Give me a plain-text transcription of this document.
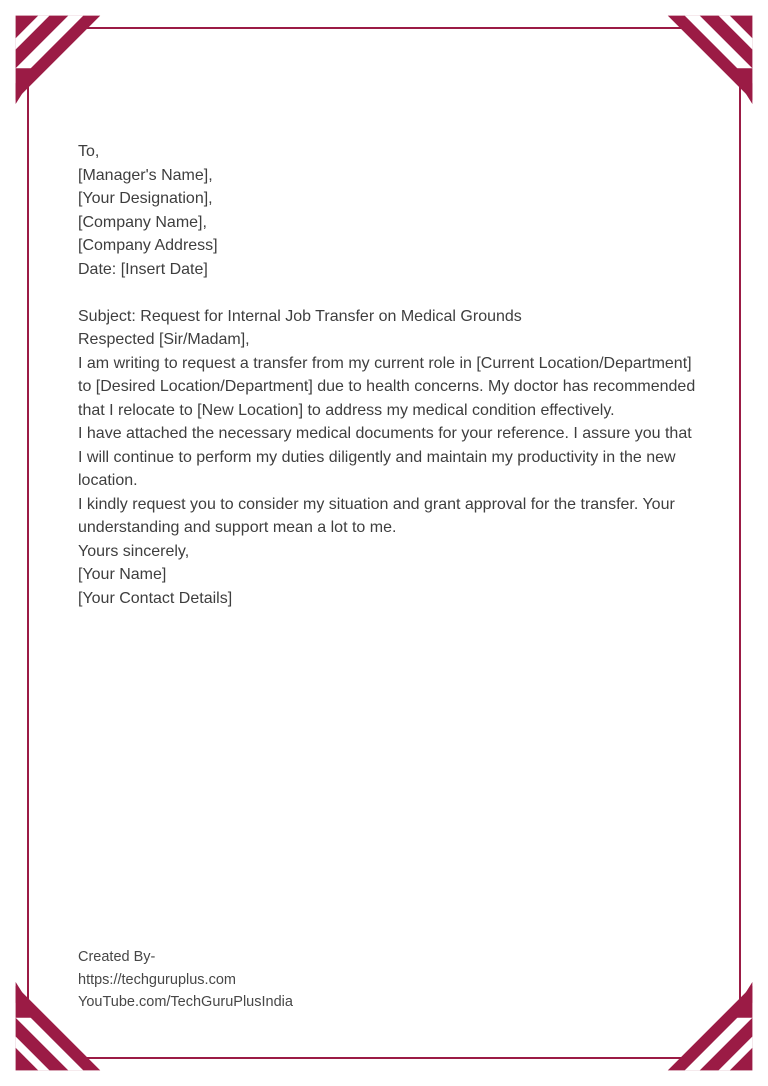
To,

[Manager's Name],

[Your Designation],

[Company Name],

[Company Address]

Date: [Insert Date]

Subject: Request for Internal Job Transfer on Medical Grounds

Respected [Sir/Madam],

I am writing to request a transfer from my current role in [Current Location/Department] to [Desired Location/Department] due to health concerns. My doctor has recommended that I relocate to [New Location] to address my medical condition effectively.

I have attached the necessary medical documents for your reference. I assure you that I will continue to perform my duties diligently and maintain my productivity in the new location.

I kindly request you to consider my situation and grant approval for the transfer. Your understanding and support mean a lot to me.

Yours sincerely,

[Your Name]

[Your Contact Details]

Created By-

https://techguruplus.com

YouTube.com/TechGuruPlusIndia
